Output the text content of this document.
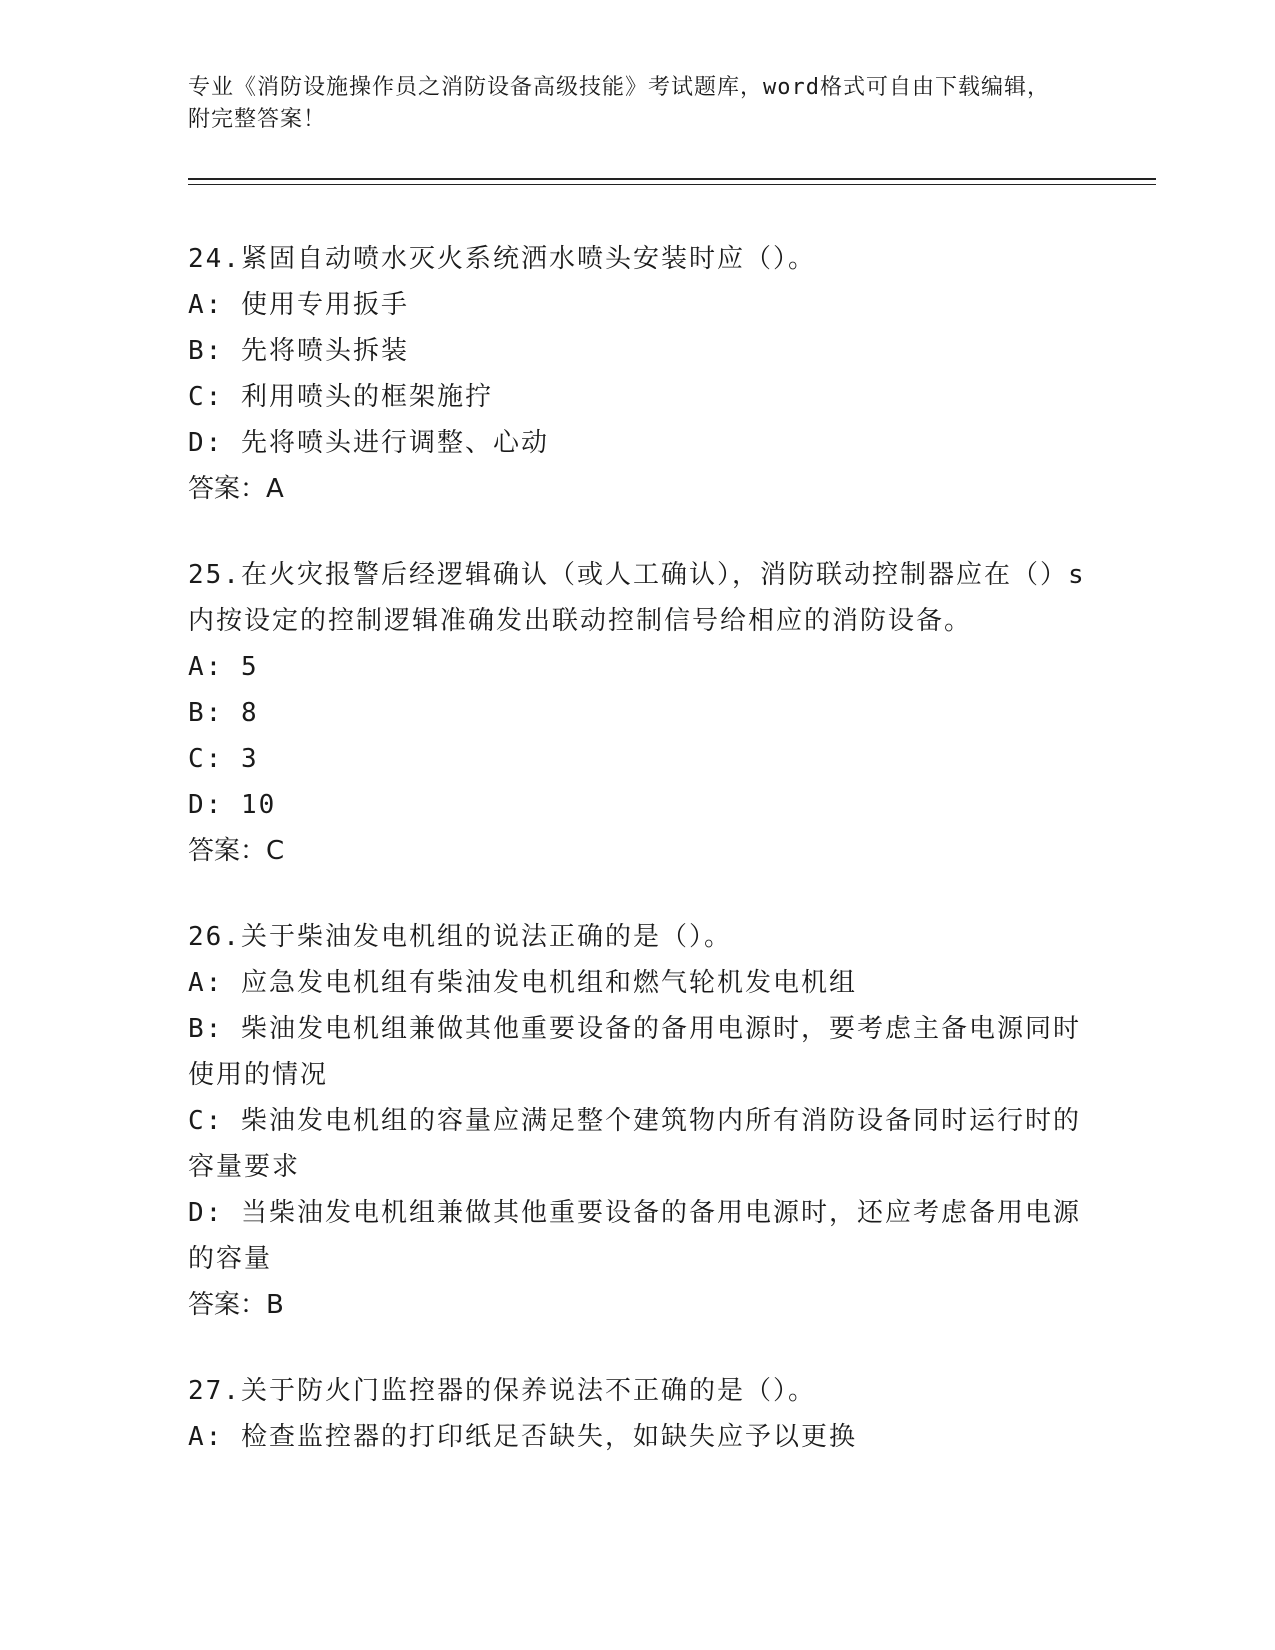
专业《消防设施操作员之消防设备高级技能》考试题库，word格式可自由下载编辑，附完整答案！
24.紧固自动喷水灭火系统洒水喷头安装时应（）。
A: 使用专用扳手
B: 先将喷头拆装
C: 利用喷头的框架施拧
D: 先将喷头进行调整、心动
答案：A
25.在火灾报警后经逻辑确认（或人工确认），消防联动控制器应在（）s内按设定的控制逻辑准确发出联动控制信号给相应的消防设备。
A: 5
B: 8
C: 3
D: 10
答案：C
26.关于柴油发电机组的说法正确的是（）。
A: 应急发电机组有柴油发电机组和燃气轮机发电机组
B: 柴油发电机组兼做其他重要设备的备用电源时，要考虑主备电源同时使用的情况
C: 柴油发电机组的容量应满足整个建筑物内所有消防设备同时运行时的容量要求
D: 当柴油发电机组兼做其他重要设备的备用电源时，还应考虑备用电源的容量
答案：B
27.关于防火门监控器的保养说法不正确的是（）。
A: 检查监控器的打印纸足否缺失，如缺失应予以更换
